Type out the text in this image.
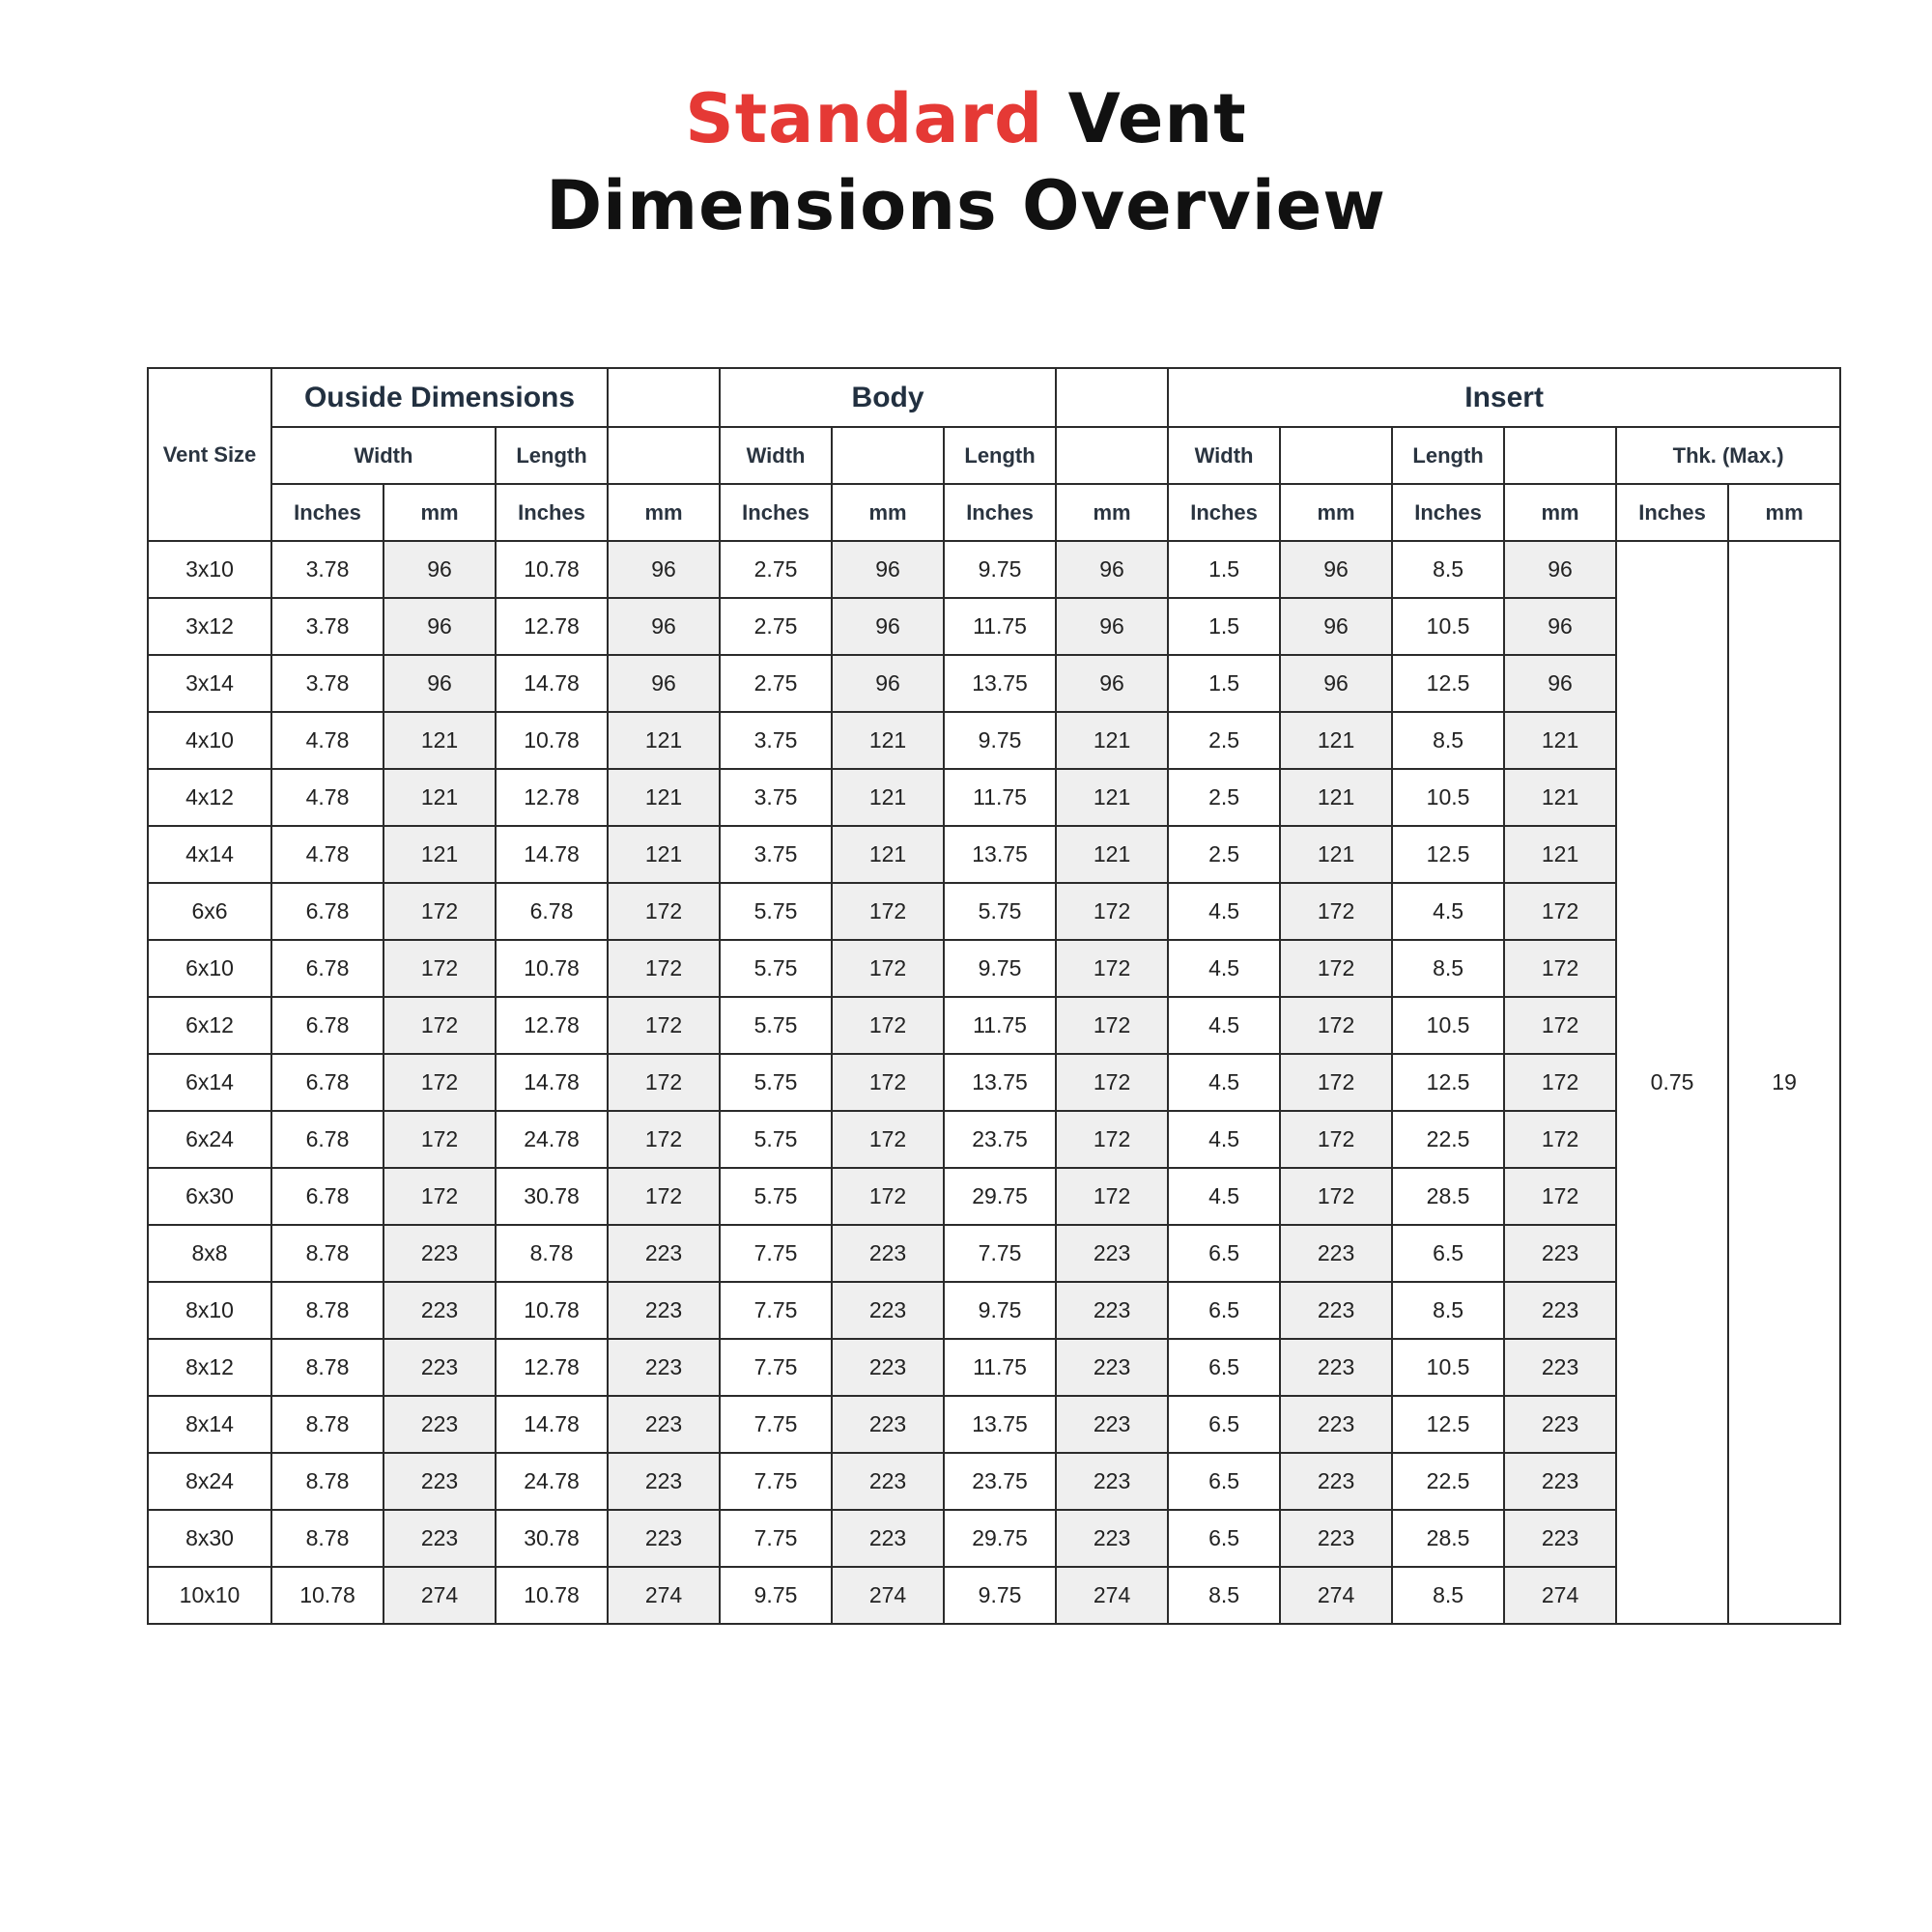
Standard Vent
Dimensions Overview
Vent Size	Ouside Dimensions				Body				Insert					
	Width		Length		Width		Length		Width		Length		Thk. (Max.)	
	Inches	mm	Inches	mm	Inches	mm	Inches	mm	Inches	mm	Inches	mm	Inches	mm
3x10	3.78	96	10.78	96	2.75	96	9.75	96	1.5	96	8.5	96	0.75	19
3x12	3.78	96	12.78	96	2.75	96	11.75	96	1.5	96	10.5	96		
3x14	3.78	96	14.78	96	2.75	96	13.75	96	1.5	96	12.5	96		
4x10	4.78	121	10.78	121	3.75	121	9.75	121	2.5	121	8.5	121		
4x12	4.78	121	12.78	121	3.75	121	11.75	121	2.5	121	10.5	121		
4x14	4.78	121	14.78	121	3.75	121	13.75	121	2.5	121	12.5	121		
6x6	6.78	172	6.78	172	5.75	172	5.75	172	4.5	172	4.5	172		
6x10	6.78	172	10.78	172	5.75	172	9.75	172	4.5	172	8.5	172		
6x12	6.78	172	12.78	172	5.75	172	11.75	172	4.5	172	10.5	172		
6x14	6.78	172	14.78	172	5.75	172	13.75	172	4.5	172	12.5	172		
6x24	6.78	172	24.78	172	5.75	172	23.75	172	4.5	172	22.5	172		
6x30	6.78	172	30.78	172	5.75	172	29.75	172	4.5	172	28.5	172		
8x8	8.78	223	8.78	223	7.75	223	7.75	223	6.5	223	6.5	223		
8x10	8.78	223	10.78	223	7.75	223	9.75	223	6.5	223	8.5	223		
8x12	8.78	223	12.78	223	7.75	223	11.75	223	6.5	223	10.5	223		
8x14	8.78	223	14.78	223	7.75	223	13.75	223	6.5	223	12.5	223		
8x24	8.78	223	24.78	223	7.75	223	23.75	223	6.5	223	22.5	223		
8x30	8.78	223	30.78	223	7.75	223	29.75	223	6.5	223	28.5	223		
10x10	10.78	274	10.78	274	9.75	274	9.75	274	8.5	274	8.5	274		
